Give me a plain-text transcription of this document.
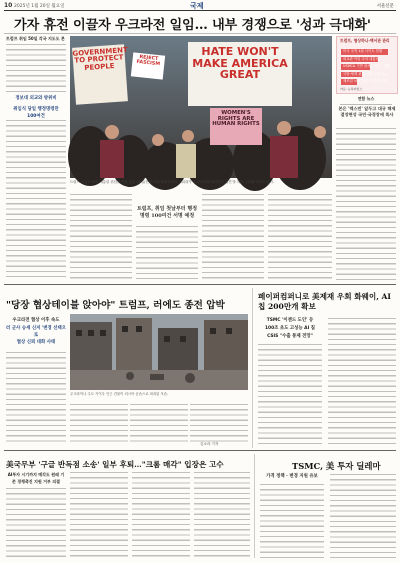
10 2025년 1월 20일 월요일	국제	서울신문
가자 휴전 이끌자 우크라전 일임… 내부 경쟁으로 '성과 극대화'
트럼프 취임 50일 각국 지도도 본
정보대 외교와 방위비
취임식 당일 행정명령만 100여건
GOVERNMENT TO PROTECT PEOPLE
HATE WON'T MAKE AMERICA GREAT
WOMEN'S RIGHTS ARE HUMAN RIGHTS
REJECT FASCISM
트럼프 도널드 미국 대통령 취임을 이틀 앞둔 18일(현지시간) 워싱턴에서 시위대가 '트럼프에게 항의하는 행진'을 하며 구호를 외치고 있다.
트럼프, 협상하나·백서관 관리
미국 국적 1위 사이트 현황
외교관 이임 수석 대통령
USMCA 기반 관세 · 관세 · 경제
국방·세계 관계 경쟁 산업·신분
제조업 보호 사업 기업과 관계
자료: 뉴욕타임스
연합 뉴스
본은 '렉스먼' 앞두고 대규 해제 결장현성 국민·국경장애 특사
트럼프, 취임 첫날부터 행정명령 100여건 서명 예정
"당장 협상테이블 앉아야" 트럼프, 러에도 종전 압박
우크라전 협상 이후 속도
러 군사 승세 신저 '변경 선택으로
협상 신뢰 대화 사태
우크라이나 수도 키이우 인근 건물이 러시아 공습으로 파괴된 모습.
김소라 기자
페이퍼컴퍼니로 美제재 우회 화웨이, AI칩 200만개 확보
TSMC '이젠드 도인' 등
100조 초도 고성능 AI 칩
CSIS "수출 통제 전망"
美국무부 '구글 반독점 소송' 일부 후퇴…"크롬 매각" 입장은 고수
AI투자 시기까지 매각도 원래 기존 경쟁촉진 지원 거부 의결
TSMC, 美 투자 딜레마
가격 정책 · 변경 지원 유보
